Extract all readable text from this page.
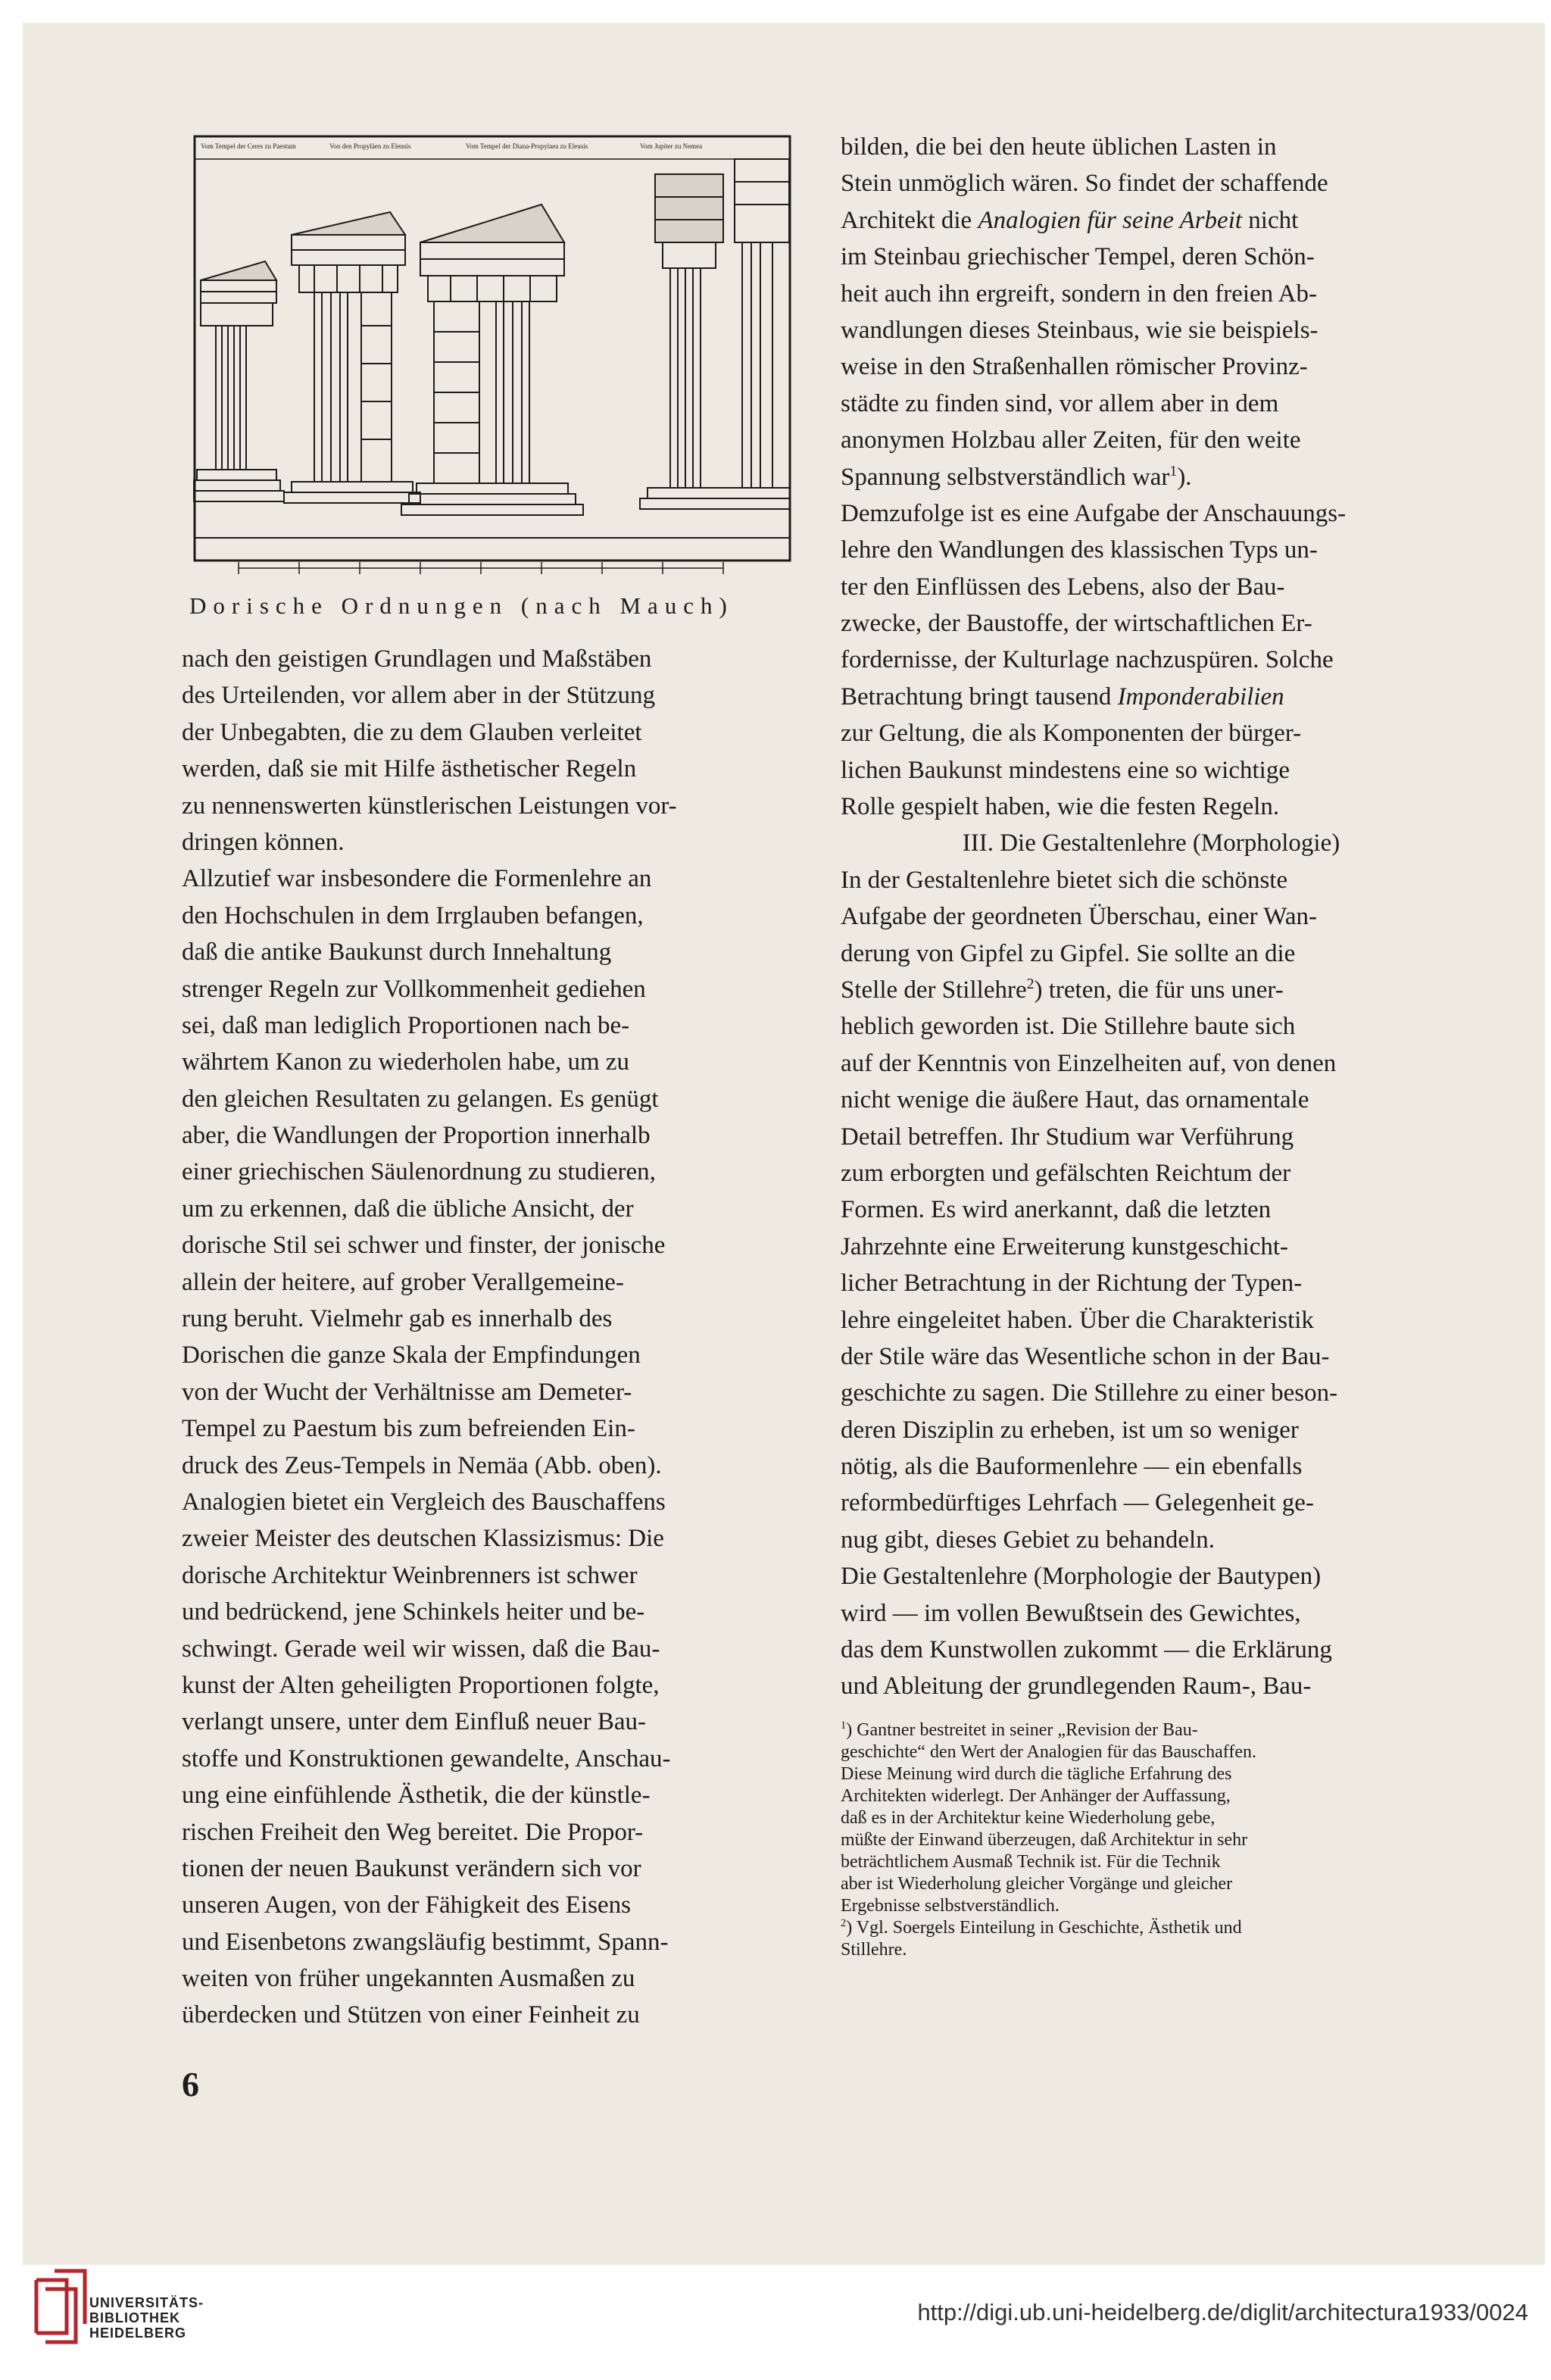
Vom Tempel der Ceres zu Paestum	Von den Propyläen zu Eleusis	Vom Tempel der Diana-Propylaea zu Eleusis	Vom Jupiter zu Nemea
Dorische Ordnungen (nach Mauch)
nach den geistigen Grundlagen und Maßstäben
des Urteilenden, vor allem aber in der Stützung
der Unbegabten, die zu dem Glauben verleitet
werden, daß sie mit Hilfe ästhetischer Regeln
zu nennenswerten künstlerischen Leistungen vor-
dringen können.
Allzutief war insbesondere die Formenlehre an
den Hochschulen in dem Irrglauben befangen,
daß die antike Baukunst durch Innehaltung
strenger Regeln zur Vollkommenheit gediehen
sei, daß man lediglich Proportionen nach be-
währtem Kanon zu wiederholen habe, um zu
den gleichen Resultaten zu gelangen. Es genügt
aber, die Wandlungen der Proportion innerhalb
einer griechischen Säulenordnung zu studieren,
um zu erkennen, daß die übliche Ansicht, der
dorische Stil sei schwer und finster, der jonische
allein der heitere, auf grober Verallgemeine-
rung beruht. Vielmehr gab es innerhalb des
Dorischen die ganze Skala der Empfindungen
von der Wucht der Verhältnisse am Demeter-
Tempel zu Paestum bis zum befreienden Ein-
druck des Zeus-Tempels in Nemäa (Abb. oben).
Analogien bietet ein Vergleich des Bauschaffens
zweier Meister des deutschen Klassizismus: Die
dorische Architektur Weinbrenners ist schwer
und bedrückend, jene Schinkels heiter und be-
schwingt. Gerade weil wir wissen, daß die Bau-
kunst der Alten geheiligten Proportionen folgte,
verlangt unsere, unter dem Einfluß neuer Bau-
stoffe und Konstruktionen gewandelte, Anschau-
ung eine einfühlende Ästhetik, die der künstle-
rischen Freiheit den Weg bereitet. Die Propor-
tionen der neuen Baukunst verändern sich vor
unseren Augen, von der Fähigkeit des Eisens
und Eisenbetons zwangsläufig bestimmt, Spann-
weiten von früher ungekannten Ausmaßen zu
überdecken und Stützen von einer Feinheit zu
bilden, die bei den heute üblichen Lasten in
Stein unmöglich wären. So findet der schaffende
Architekt die Analogien für seine Arbeit nicht
im Steinbau griechischer Tempel, deren Schön-
heit auch ihn ergreift, sondern in den freien Ab-
wandlungen dieses Steinbaus, wie sie beispiels-
weise in den Straßenhallen römischer Provinz-
städte zu finden sind, vor allem aber in dem
anonymen Holzbau aller Zeiten, für den weite
Spannung selbstverständlich war$^1$).
Demzufolge ist es eine Aufgabe der Anschauungs-
lehre den Wandlungen des klassischen Typs un-
ter den Einflüssen des Lebens, also der Bau-
zwecke, der Baustoffe, der wirtschaftlichen Er-
fordernisse, der Kulturlage nachzuspüren. Solche
Betrachtung bringt tausend Imponderabilien
zur Geltung, die als Komponenten der bürger-
lichen Baukunst mindestens eine so wichtige
Rolle gespielt haben, wie die festen Regeln.
III. Die Gestaltenlehre (Morphologie)
In der Gestaltenlehre bietet sich die schönste
Aufgabe der geordneten Überschau, einer Wan-
derung von Gipfel zu Gipfel. Sie sollte an die
Stelle der Stillehre$^2$) treten, die für uns uner-
heblich geworden ist. Die Stillehre baute sich
auf der Kenntnis von Einzelheiten auf, von denen
nicht wenige die äußere Haut, das ornamentale
Detail betreffen. Ihr Studium war Verführung
zum erborgten und gefälschten Reichtum der
Formen. Es wird anerkannt, daß die letzten
Jahrzehnte eine Erweiterung kunstgeschicht-
licher Betrachtung in der Richtung der Typen-
lehre eingeleitet haben. Über die Charakteristik
der Stile wäre das Wesentliche schon in der Bau-
geschichte zu sagen. Die Stillehre zu einer beson-
deren Disziplin zu erheben, ist um so weniger
nötig, als die Bauformenlehre — ein ebenfalls
reformbedürftiges Lehrfach — Gelegenheit ge-
nug gibt, dieses Gebiet zu behandeln.
Die Gestaltenlehre (Morphologie der Bautypen)
wird — im vollen Bewußtsein des Gewichtes,
das dem Kunstwollen zukommt — die Erklärung
und Ableitung der grundlegenden Raum-, Bau-
$^1$) Gantner bestreitet in seiner „Revision der Bau-
geschichte“ den Wert der Analogien für das Bauschaffen.
Diese Meinung wird durch die tägliche Erfahrung des
Architekten widerlegt. Der Anhänger der Auffassung,
daß es in der Architektur keine Wiederholung gebe,
müßte der Einwand überzeugen, daß Architektur in sehr
beträchtlichem Ausmaß Technik ist. Für die Technik
aber ist Wiederholung gleicher Vorgänge und gleicher
Ergebnisse selbstverständlich.
$^2$) Vgl. Soergels Einteilung in Geschichte, Ästhetik und
Stillehre.
6
UNIVERSITÄTS-
BIBLIOTHEK
HEIDELBERG
http://digi.ub.uni-heidelberg.de/diglit/architectura1933/0024
